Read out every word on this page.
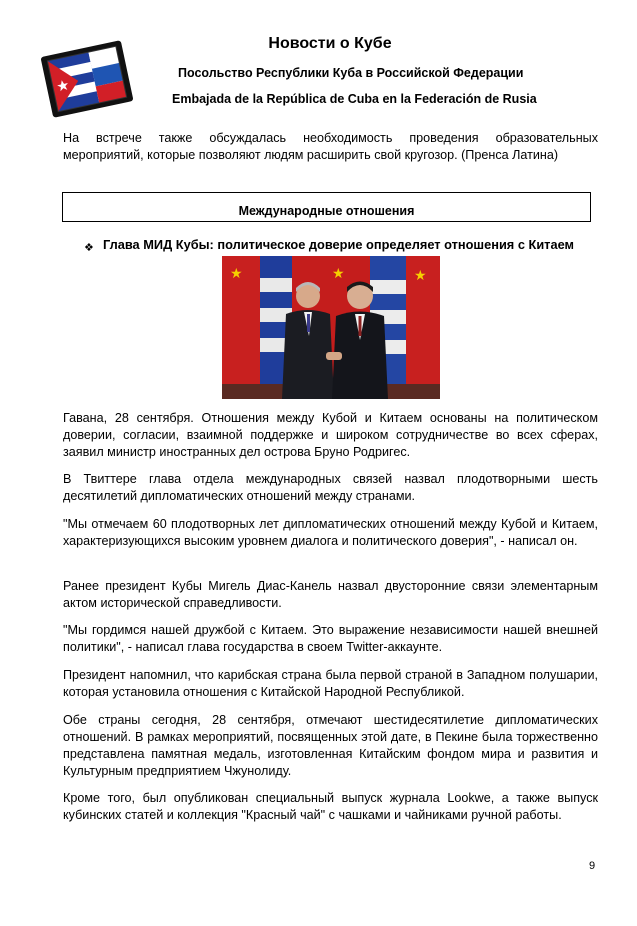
Новости о Кубе
Посольство Республики Куба в Российской Федерации
Embajada de la República de Cuba en la Federación de Rusia

На встрече также обсуждалась необходимость проведения образовательных мероприятий, которые позволяют людям расширить свой кругозор. (Пренса Латина)

Международные отношения
❖ Глава МИД Кубы: политическое доверие определяет отношения с Китаем
★	★	★

Гавана, 28 сентября. Отношения между Кубой и Китаем основаны на политическом доверии, согласии, взаимной поддержке и широком сотрудничестве во всех сферах, заявил министр иностранных дел острова Бруно Родригес.

В Твиттере глава отдела международных связей назвал плодотворными шесть десятилетий дипломатических отношений между странами.

"Мы отмечаем 60 плодотворных лет дипломатических отношений между Кубой и Китаем, характеризующихся высоким уровнем диалога и политического доверия", - написал он.

Ранее президент Кубы Мигель Диас-Канель назвал двусторонние связи элементарным актом исторической справедливости.

"Мы гордимся нашей дружбой с Китаем. Это выражение независимости нашей внешней политики", - написал глава государства в своем Twitter-аккаунте.

Президент напомнил, что карибская страна была первой страной в Западном полушарии, которая установила отношения с Китайской Народной Республикой.

Обе страны сегодня, 28 сентября, отмечают шестидесятилетие дипломатических отношений. В рамках мероприятий, посвященных этой дате, в Пекине была торжественно представлена памятная медаль, изготовленная Китайским фондом мира и развития и Культурным предприятием Чжунолиду.

Кроме того, был опубликован специальный выпуск журнала Lookwe, а также выпуск кубинских статей и коллекция "Красный чай" с чашками и чайниками ручной работы.

9
